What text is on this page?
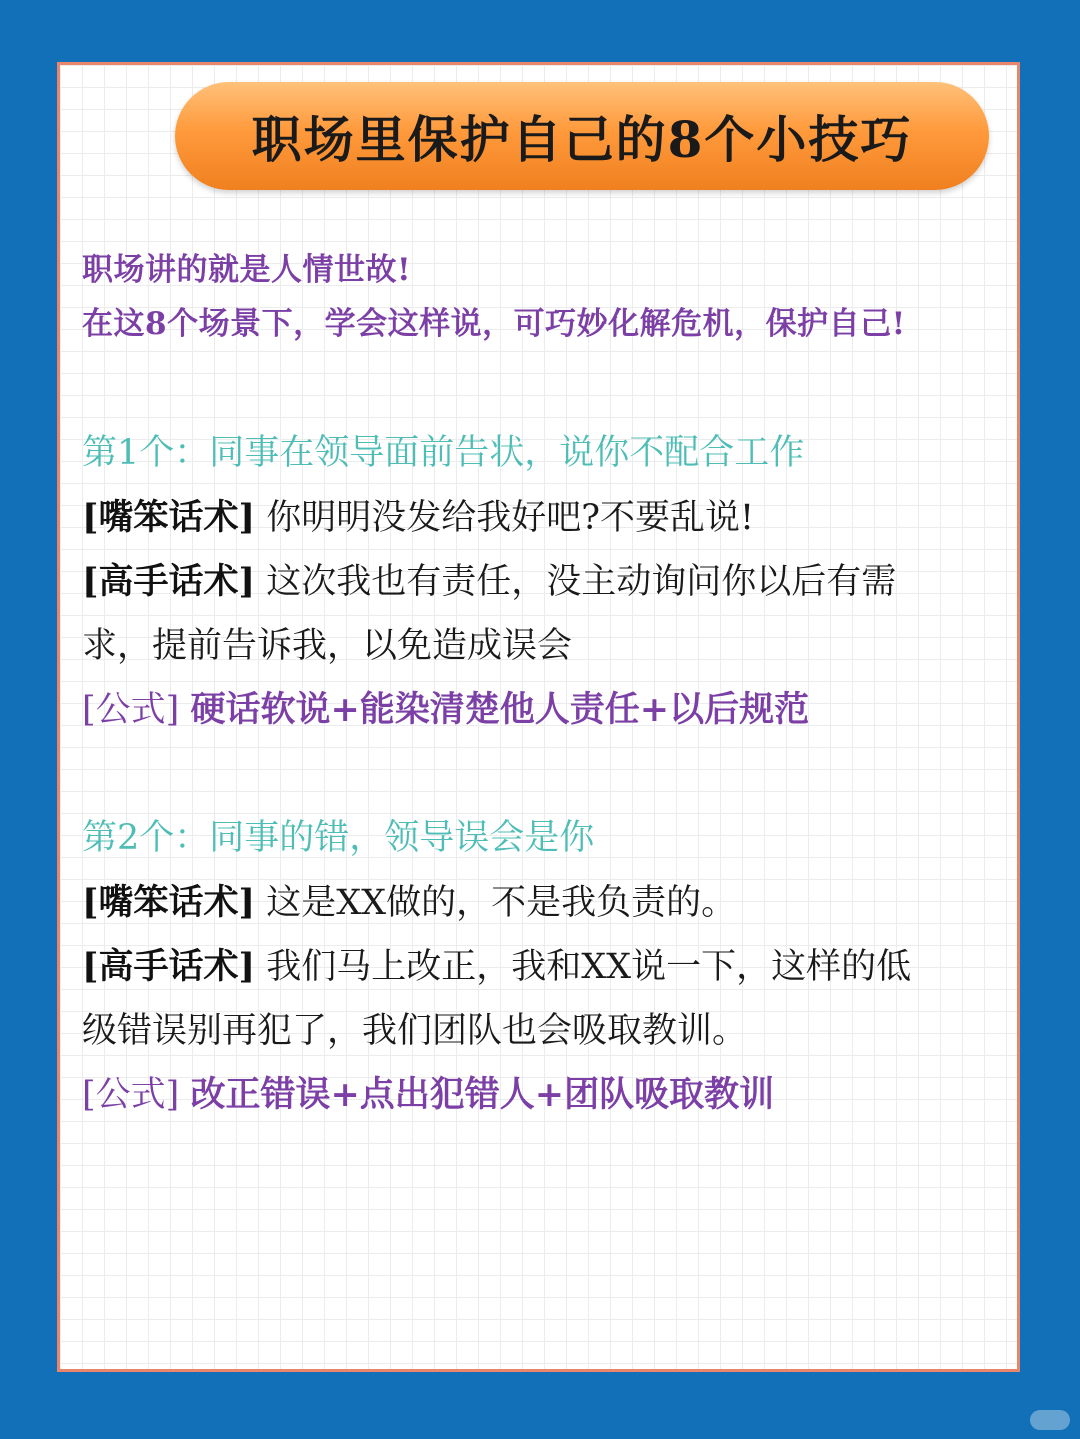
职场里保护自己的8个小技巧
职场讲的就是人情世故!
在这8个场景下，学会这样说，可巧妙化解危机，保护自己!
第1个：同事在领导面前告状，说你不配合工作
[嘴笨话术] 你明明没发给我好吧?不要乱说!
[高手话术] 这次我也有责任，没主动询问你以后有需
求，提前告诉我，以免造成误会
[公式] 硬话软说+能染清楚他人责任+以后规范
第2个：同事的错，领导误会是你
[嘴笨话术] 这是XX做的，不是我负责的。
[高手话术] 我们马上改正，我和XX说一下，这样的低
级错误别再犯了，我们团队也会吸取教训。
[公式] 改正错误+点出犯错人+团队吸取教训
